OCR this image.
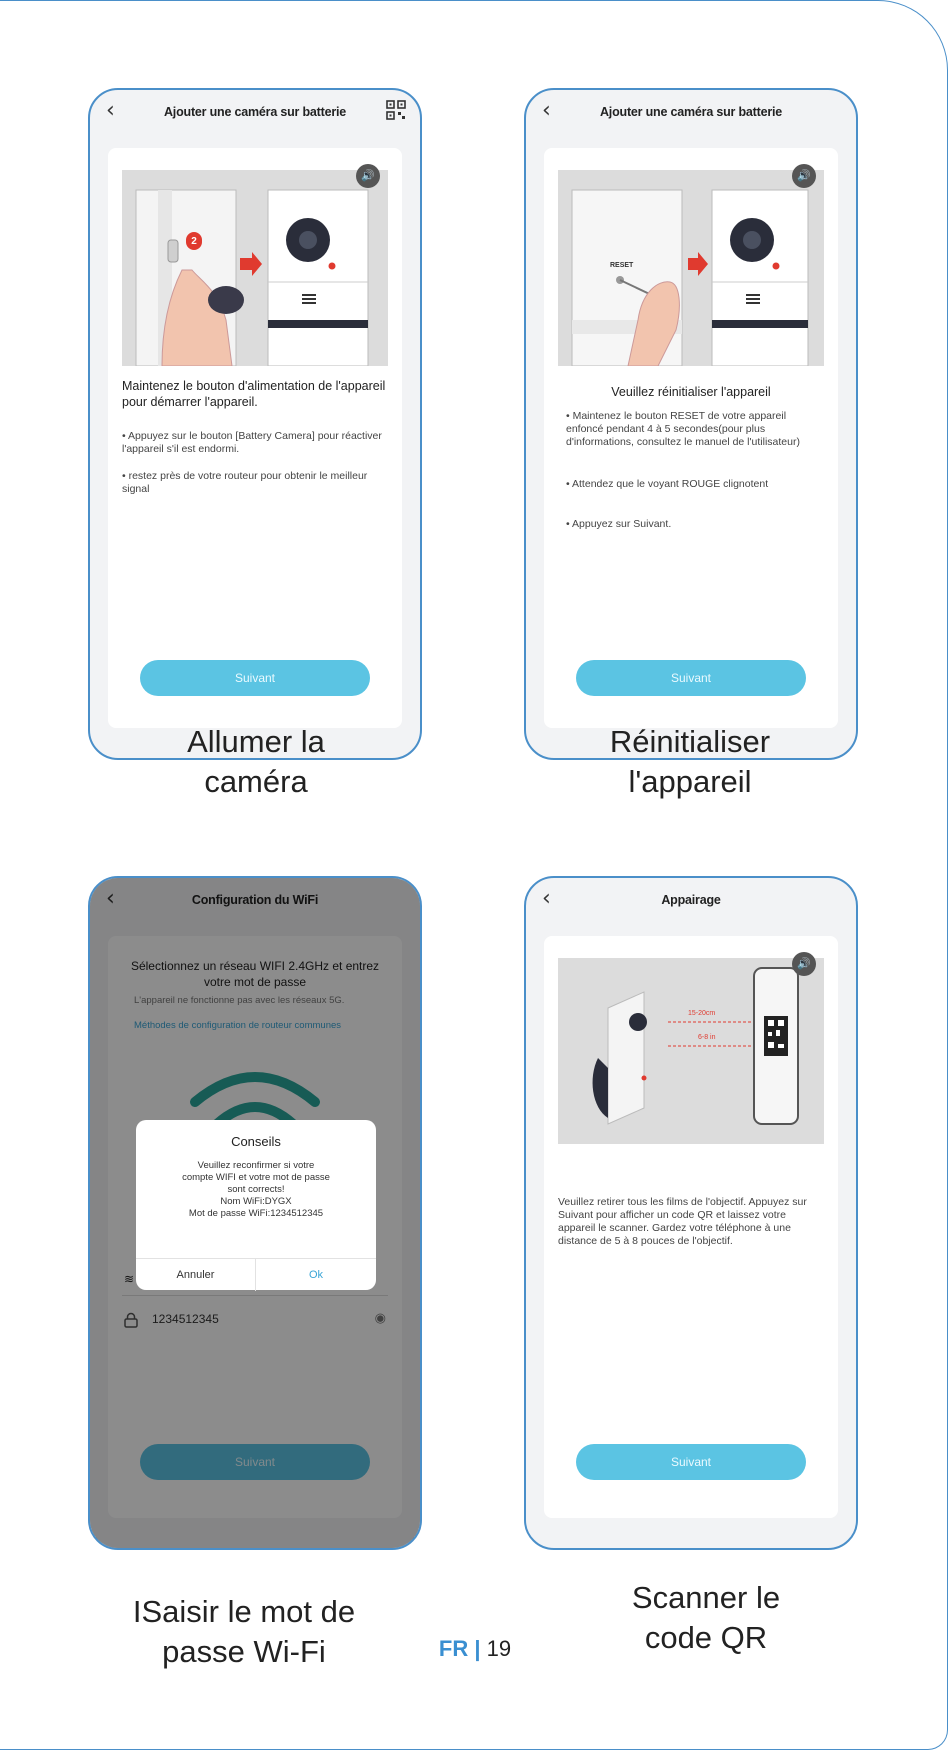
‹	Ajouter une caméra sur batterie
🔊
2
Maintenez le bouton d'alimentation de l'appareil pour démarrer l'appareil.
• Appuyez sur le bouton [Battery Camera] pour réactiver l'appareil s'il est endormi.
• restez près de votre routeur pour obtenir le meilleur signal
Suivant
Allumer la
caméra
‹	Ajouter une caméra sur batterie
RESET
🔊
Veuillez réinitialiser l'appareil
• Maintenez le bouton RESET de votre appareil enfoncé pendant 4 à 5 secondes(pour plus d'informations, consultez le manuel de l'utilisateur)
• Attendez que le voyant ROUGE clignotent
• Appuyez sur Suivant.
Suivant
Réinitialiser
l'appareil
‹	Configuration du WiFi
Sélectionnez un réseau WIFI 2.4GHz et entrez votre mot de passe
L'appareil ne fonctionne pas avec les réseaux 5G.
Méthodes de configuration de routeur communes
≋
1234512345	◉
Suivant
Conseils
Veuillez reconfirmer si votre
compte WIFI et votre mot de passe
sont corrects!
Nom WiFi:DYGX
Mot de passe WiFi:1234512345
Annuler	Ok
ISaisir le mot de
passe Wi-Fi
‹	Appairage
15-20cm
6-8 in
🔊
Veuillez retirer tous les films de l'objectif. Appuyez sur Suivant pour afficher un code QR et laissez votre appareil le scanner. Gardez votre téléphone à une distance de 5 à 8 pouces de l'objectif.
Suivant
Scanner le
code QR
FR | 19
